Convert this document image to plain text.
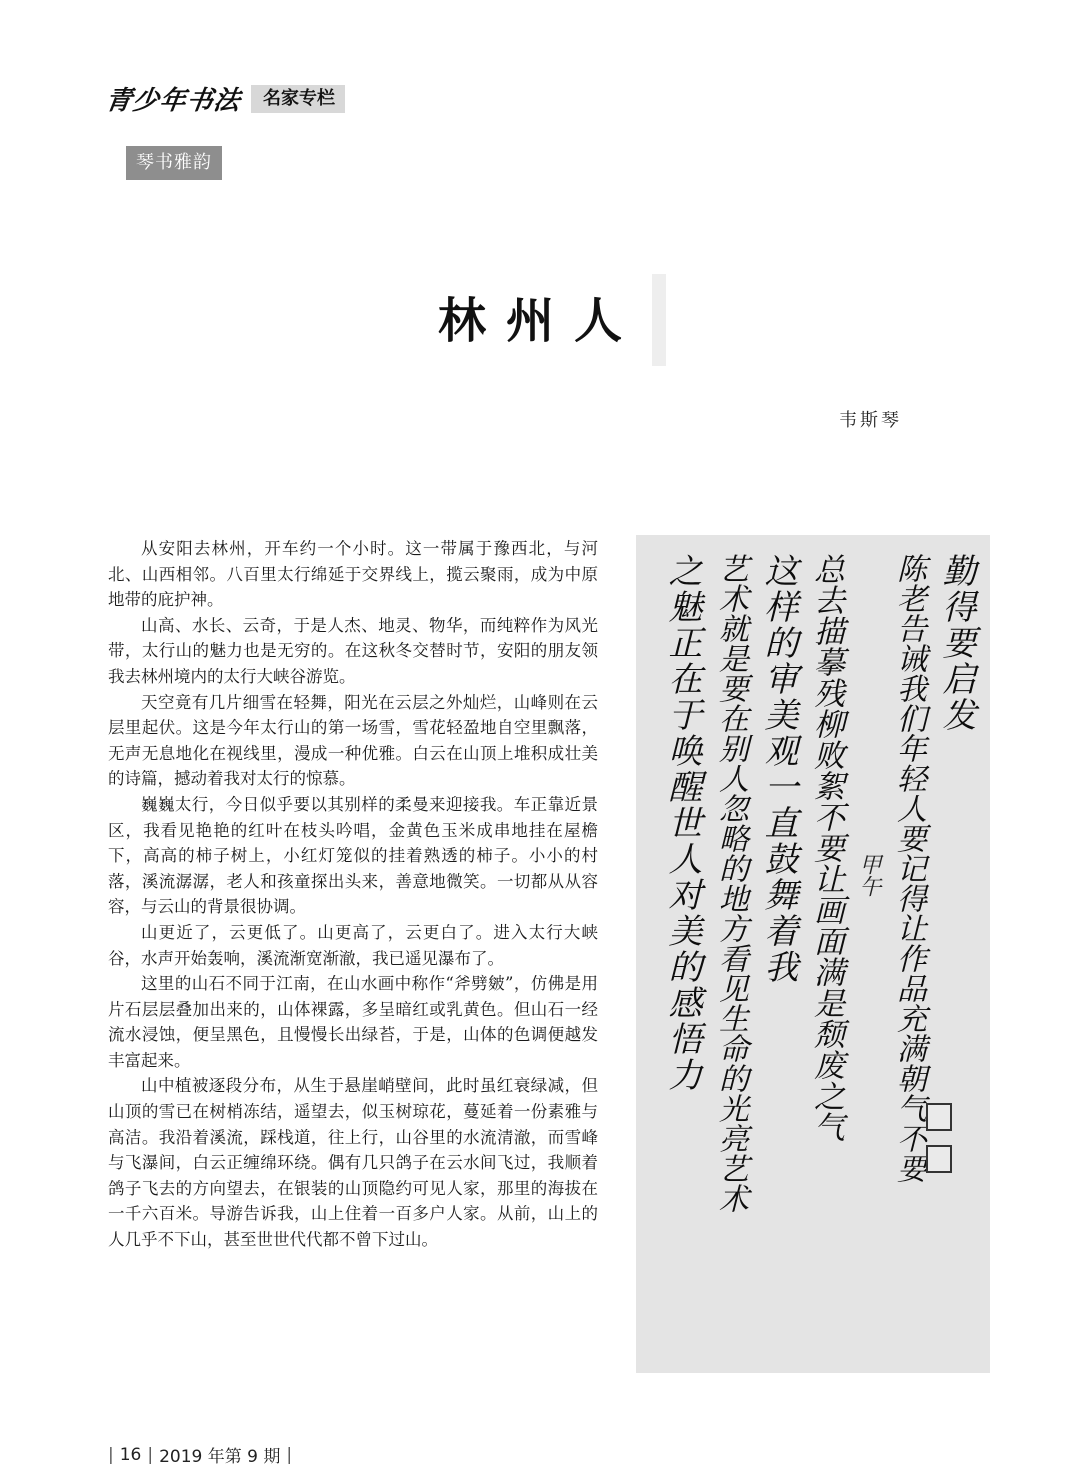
青少年书法	名家专栏
琴书雅韵
林州人
韦斯琴

从安阳去林州，开车约一个小时。这一带属于豫西北，与河北、山西相邻。八百里太行绵延于交界线上，揽云聚雨，成为中原地带的庇护神。

山高、水长、云奇，于是人杰、地灵、物华，而纯粹作为风光带，太行山的魅力也是无穷的。在这秋冬交替时节，安阳的朋友领我去林州境内的太行大峡谷游览。

天空竟有几片细雪在轻舞，阳光在云层之外灿烂，山峰则在云层里起伏。这是今年太行山的第一场雪，雪花轻盈地自空里飘落，无声无息地化在视线里，漫成一种优雅。白云在山顶上堆积成壮美的诗篇，撼动着我对太行的惊慕。

巍巍太行，今日似乎要以其别样的柔曼来迎接我。车正靠近景区，我看见艳艳的红叶在枝头吟唱，金黄色玉米成串地挂在屋檐下，高高的柿子树上，小红灯笼似的挂着熟透的柿子。小小的村落，溪流潺潺，老人和孩童探出头来，善意地微笑。一切都从从容容，与云山的背景很协调。

山更近了，云更低了。山更高了，云更白了。进入太行大峡谷，水声开始轰响，溪流渐宽渐澈，我已遥见瀑布了。

这里的山石不同于江南，在山水画中称作“斧劈皴”，仿佛是用片石层层叠加出来的，山体裸露，多呈暗红或乳黄色。但山石一经流水浸蚀，便呈黑色，且慢慢长出绿苔，于是，山体的色调便越发丰富起来。

山中植被逐段分布，从生于悬崖峭壁间，此时虽红衰绿减，但山顶的雪已在树梢冻结，遥望去，似玉树琼花，蔓延着一份素雅与高洁。我沿着溪流，踩栈道，往上行，山谷里的水流清澈，而雪峰与飞瀑间，白云正缠绵环绕。偶有几只鸽子在云水间飞过，我顺着鸽子飞去的方向望去，在银装的山顶隐约可见人家，那里的海拔在一千六百米。导游告诉我，山上住着一百多户人家。从前，山上的人几乎不下山，甚至世世代代都不曾下过山。

勤得要启发
陈老告诫我们年轻人要记得让作品充满朝气不要
甲午
总去描摹残柳败絮不要让画面满是颓废之气
这样的审美观一直鼓舞着我
艺术就是要在别人忽略的地方看见生命的光亮艺术
之魅正在于唤醒世人对美的感悟力
| 16 | 2019 年第 9 期 |
